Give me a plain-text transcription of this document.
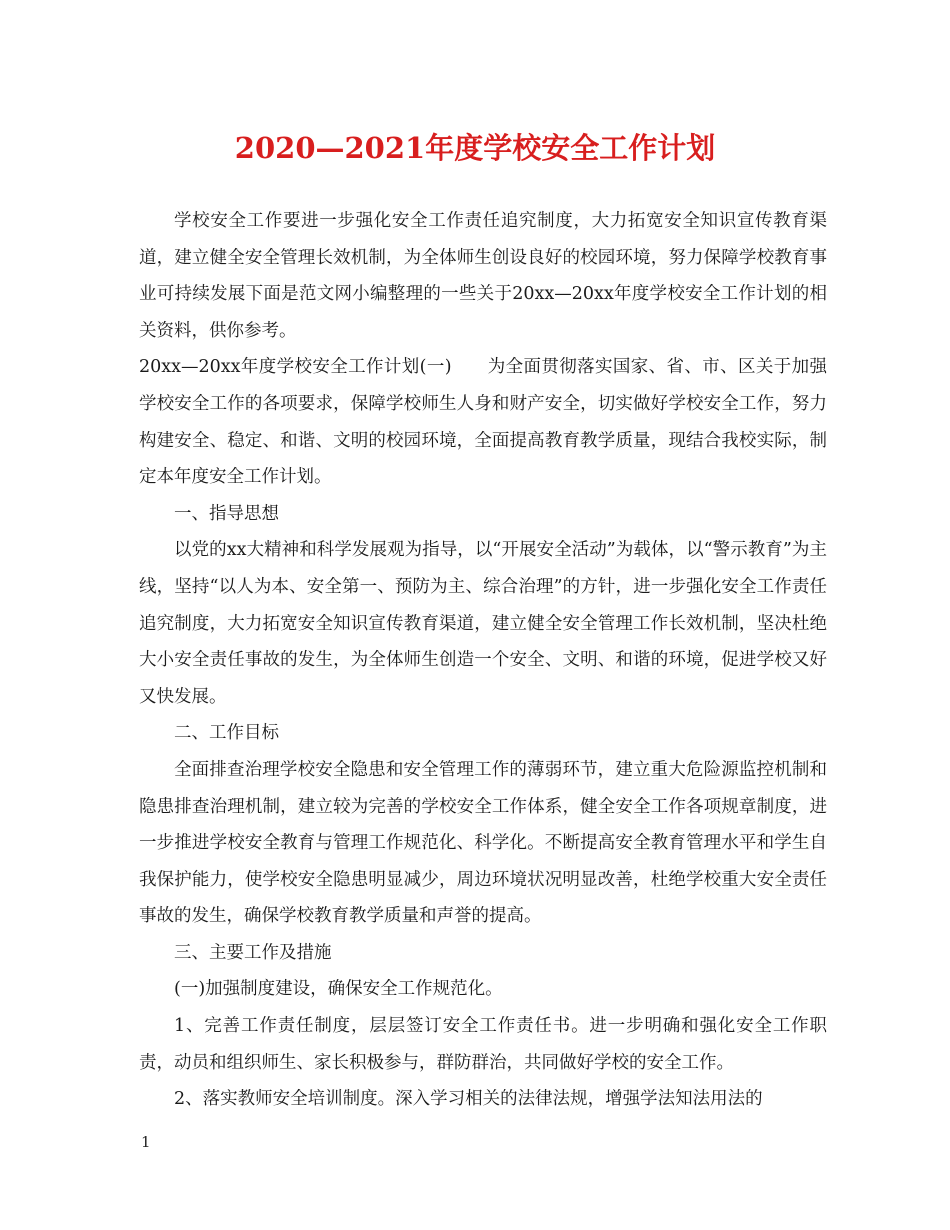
2020—2021年度学校安全工作计划

学校安全工作要进一步强化安全工作责任追究制度，大力拓宽安全知识宣传教育渠道，建立健全安全管理长效机制，为全体师生创设良好的校园环境，努力保障学校教育事业可持续发展下面是范文网小编整理的一些关于20xx—20xx年度学校安全工作计划的相关资料，供你参考。

20xx—20xx年度学校安全工作计划(一)　　为全面贯彻落实国家、省、市、区关于加强学校安全工作的各项要求，保障学校师生人身和财产安全，切实做好学校安全工作，努力构建安全、稳定、和谐、文明的校园环境，全面提高教育教学质量，现结合我校实际，制定本年度安全工作计划。

一、指导思想

以党的xx大精神和科学发展观为指导，以“开展安全活动”为载体，以“警示教育”为主线，坚持“以人为本、安全第一、预防为主、综合治理”的方针，进一步强化安全工作责任追究制度，大力拓宽安全知识宣传教育渠道，建立健全安全管理工作长效机制，坚决杜绝大小安全责任事故的发生，为全体师生创造一个安全、文明、和谐的环境，促进学校又好又快发展。

二、工作目标

全面排查治理学校安全隐患和安全管理工作的薄弱环节，建立重大危险源监控机制和隐患排查治理机制，建立较为完善的学校安全工作体系，健全安全工作各项规章制度，进一步推进学校安全教育与管理工作规范化、科学化。不断提高安全教育管理水平和学生自我保护能力，使学校安全隐患明显减少，周边环境状况明显改善，杜绝学校重大安全责任事故的发生，确保学校教育教学质量和声誉的提高。

三、主要工作及措施

(一)加强制度建设，确保安全工作规范化。

1、完善工作责任制度，层层签订安全工作责任书。进一步明确和强化安全工作职责，动员和组织师生、家长积极参与，群防群治，共同做好学校的安全工作。

2、落实教师安全培训制度。深入学习相关的法律法规，增强学法知法用法的

1
